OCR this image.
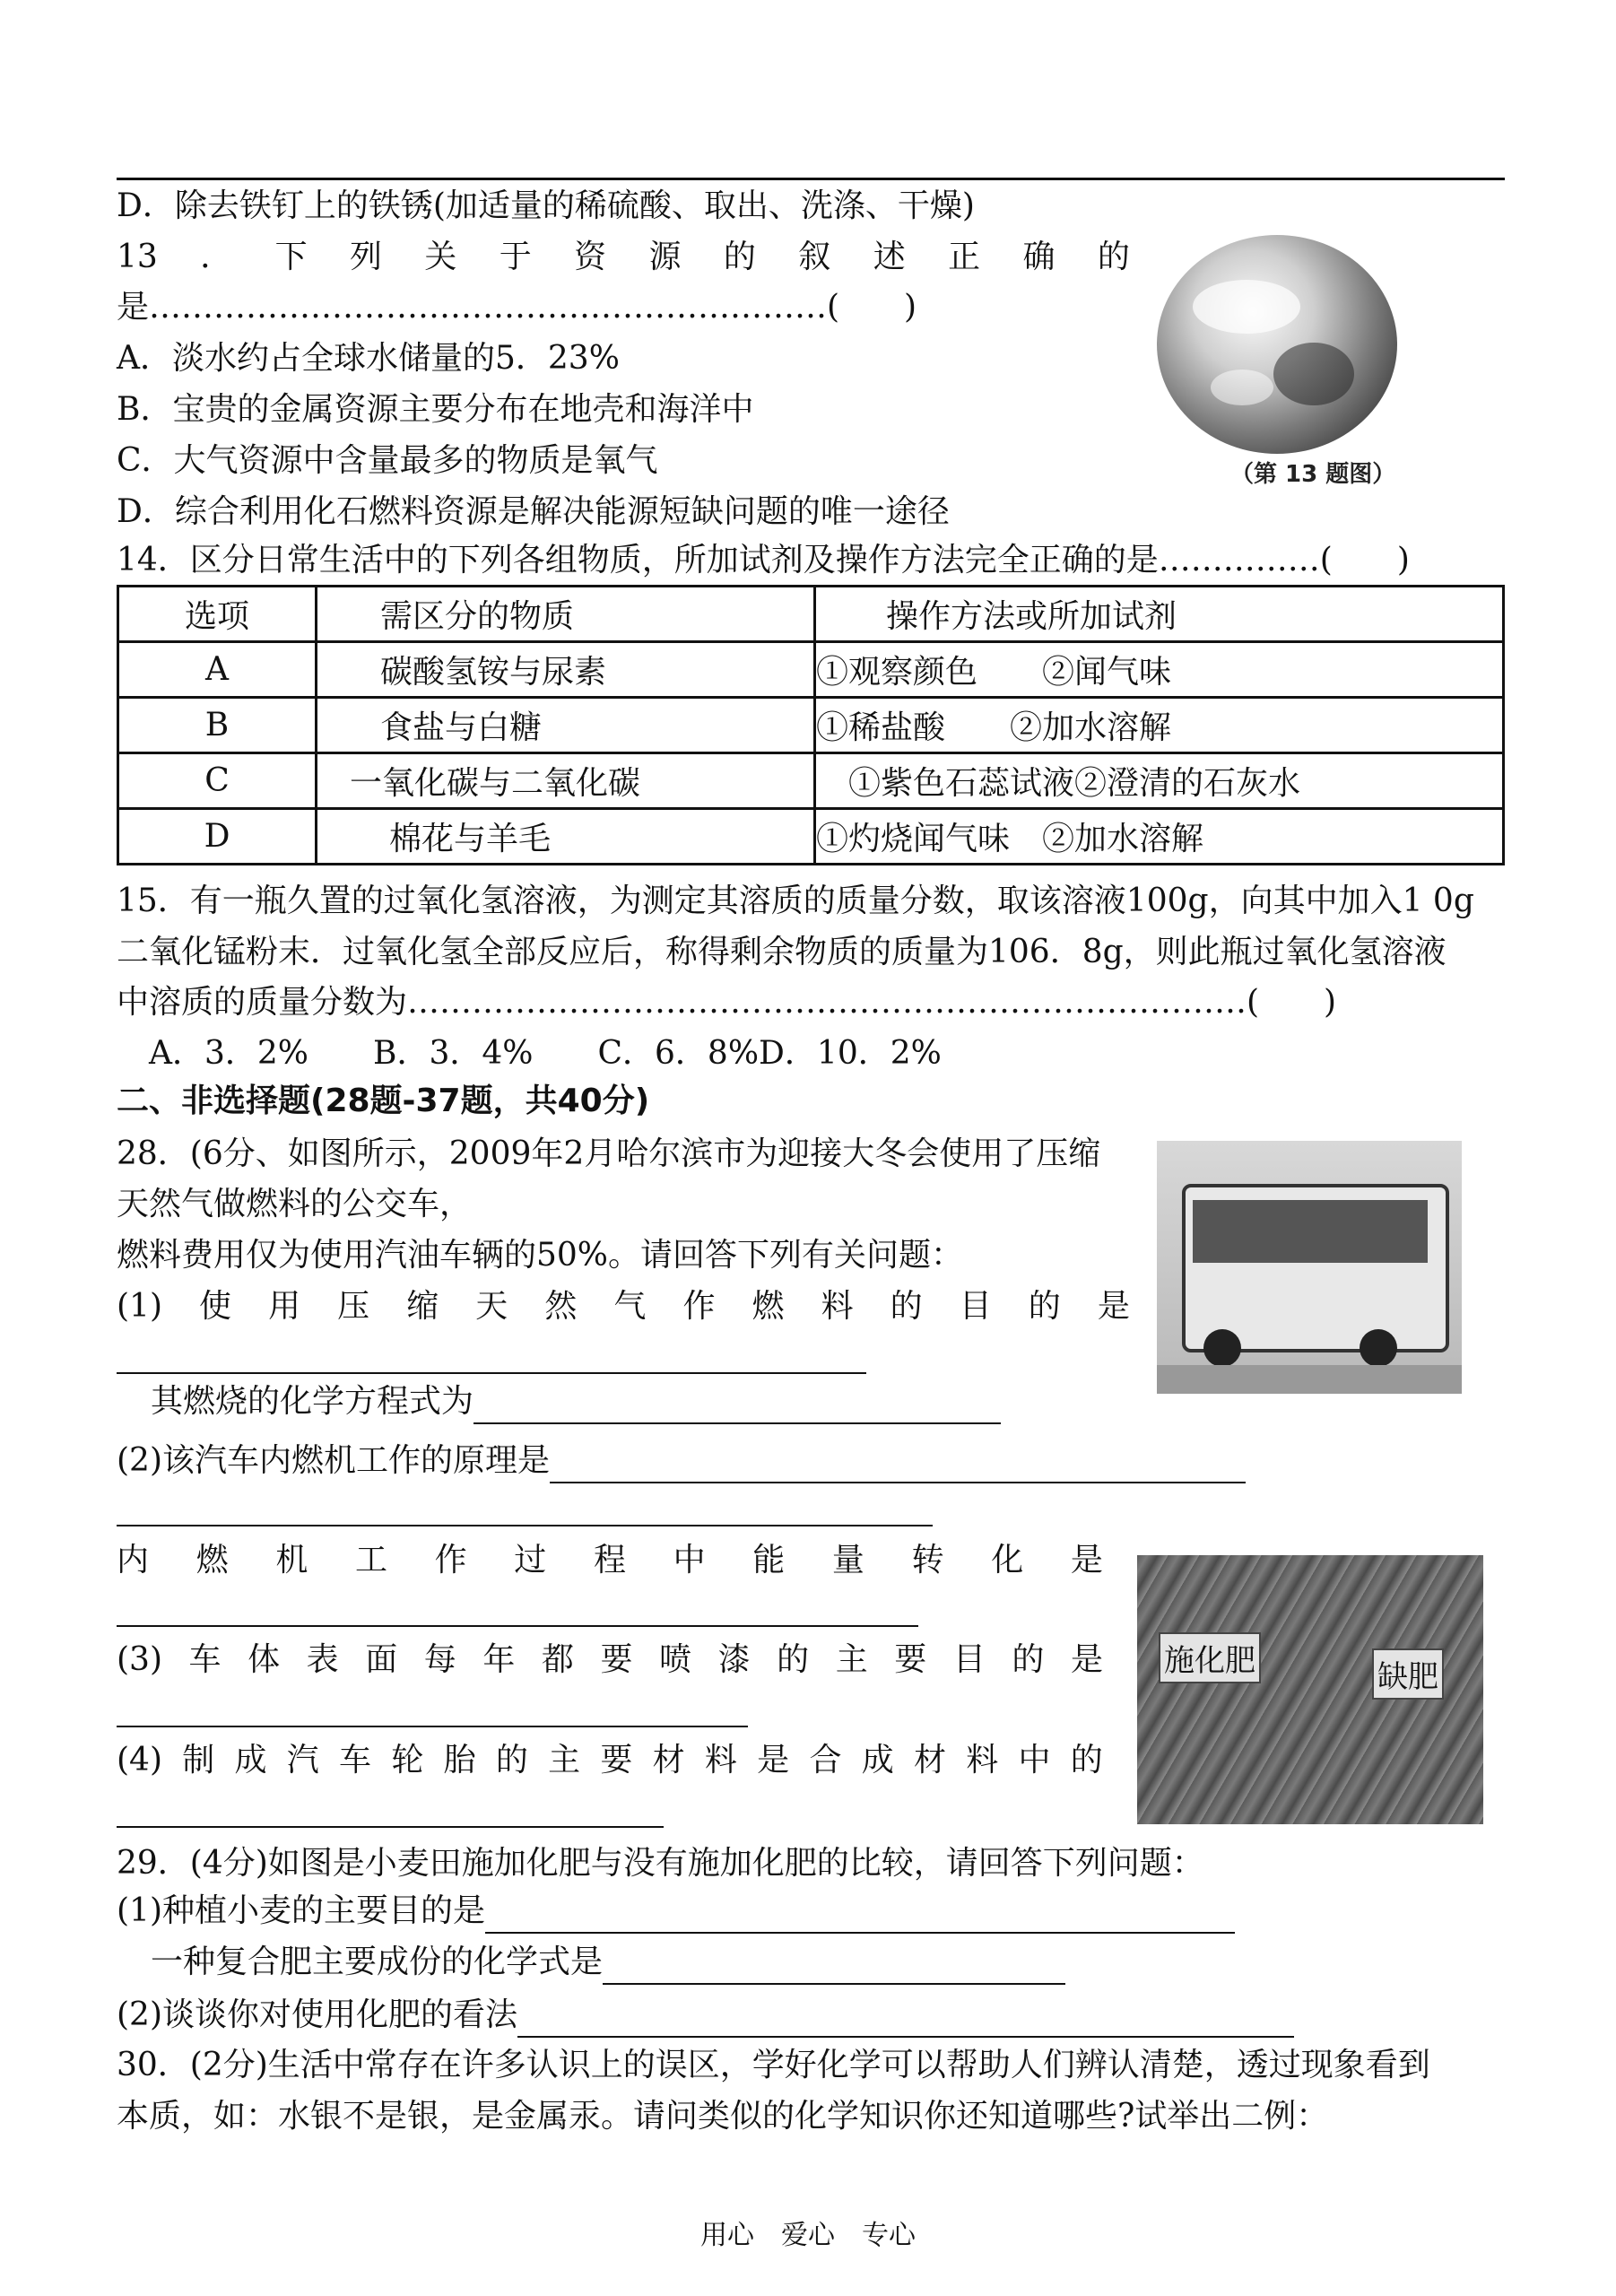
D．除去铁钉上的铁锈(加适量的稀硫酸、取出、洗涤、干燥)
13 ． 下 列 关 于 资 源 的 叙 述 正 确 的
是………………………………………………………(　　)
A．淡水约占全球水储量的5．23%
B．宝贵的金属资源主要分布在地壳和海洋中
C．大气资源中含量最多的物质是氧气
D．综合利用化石燃料资源是解决能源短缺问题的唯一途径
（第 13 题图）
14．区分日常生活中的下列各组物质，所加试剂及操作方法完全正确的是……………(　　)
选项	需区分的物质	操作方法或所加试剂
A	碳酸氢铵与尿素	①观察颜色　　②闻气味
B	食盐与白糖	①稀盐酸　　②加水溶解
C	一氧化碳与二氧化碳	　①紫色石蕊试液②澄清的石灰水
D	棉花与羊毛	①灼烧闻气味　②加水溶解
15．有一瓶久置的过氧化氢溶液，为测定其溶质的质量分数，取该溶液100g，向其中加入1 0g
二氧化锰粉末．过氧化氢全部反应后，称得剩余物质的质量为106．8g，则此瓶过氧化氢溶液
中溶质的质量分数为……………………………………………………………………(　　)
A．3．2%　　B．3．4%　　C．6．8%D．10．2%
二、非选择题(28题-37题，共40分)
28．(6分、如图所示，2009年2月哈尔滨市为迎接大冬会使用了压缩
天然气做燃料的公交车，
燃料费用仅为使用汽油车辆的50%。请回答下列有关问题：
(1) 使 用 压 缩 天 然 气 作 燃 料 的 目 的 是
其燃烧的化学方程式为
(2)该汽车内燃机工作的原理是
内 燃 机 工 作 过 程 中 能 量 转 化 是
(3) 车 体 表 面 每 年 都 要 喷 漆 的 主 要 目 的 是
(4) 制 成 汽 车 轮 胎 的 主 要 材 料 是 合 成 材 料 中 的
施化肥	缺肥
29．(4分)如图是小麦田施加化肥与没有施加化肥的比较，请回答下列问题：
(1)种植小麦的主要目的是
一种复合肥主要成份的化学式是
(2)谈谈你对使用化肥的看法
30．(2分)生活中常存在许多认识上的误区，学好化学可以帮助人们辨认清楚，透过现象看到
本质，如：水银不是银，是金属汞。请问类似的化学知识你还知道哪些?试举出二例：
用心　爱心　专心
